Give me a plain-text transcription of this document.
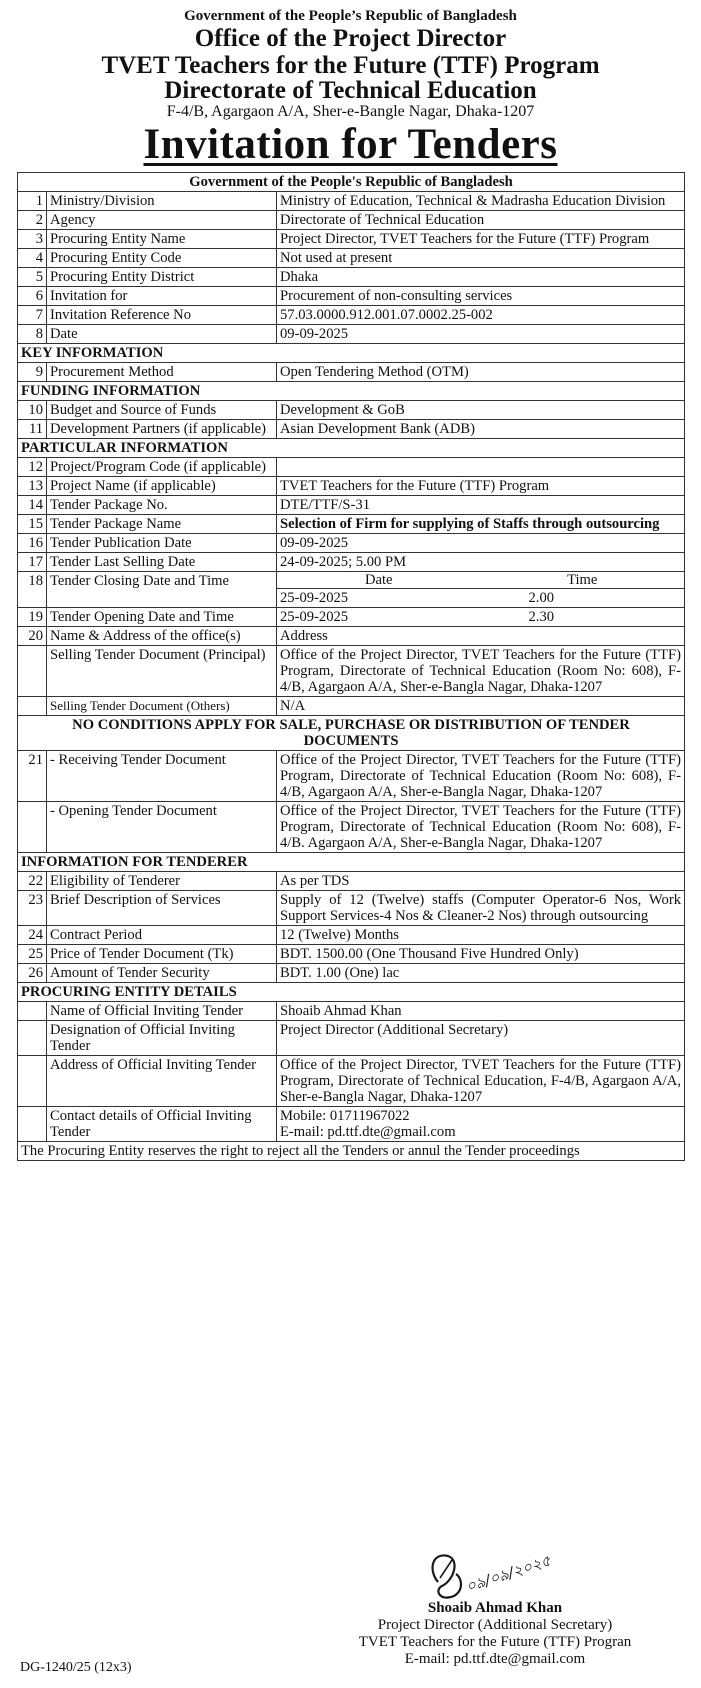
Government of the People’s Republic of Bangladesh
Office of the Project Director
TVET Teachers for the Future (TTF) Program
Directorate of Technical Education
F-4/B, Agargaon A/A, Sher-e-Bangle Nagar, Dhaka-1207
Invitation for Tenders
Government of the People's Republic of Bangladesh
1	Ministry/Division	Ministry of Education, Technical & Madrasha Education Division
2	Agency	Directorate of Technical Education
3	Procuring Entity Name	Project Director, TVET Teachers for the Future (TTF) Program
4	Procuring Entity Code	Not used at present
5	Procuring Entity District	Dhaka
6	Invitation for	Procurement of non-consulting services
7	Invitation Reference No	57.03.0000.912.001.07.0002.25-002
8	Date	09-09-2025
KEY INFORMATION
9	Procurement Method	Open Tendering Method (OTM)
FUNDING INFORMATION
10	Budget and Source of Funds	Development & GoB
11	Development Partners (if applicable)	Asian Development Bank (ADB)
PARTICULAR INFORMATION
12	Project/Program Code (if applicable)	
13	Project Name (if applicable)	TVET Teachers for the Future (TTF) Program
14	Tender Package No.	DTE/TTF/S-31
15	Tender Package Name	Selection of Firm for supplying of Staffs through outsourcing
16	Tender Publication Date	09-09-2025
17	Tender Last Selling Date	24-09-2025; 5.00 PM
18	Tender Closing Date and Time		Date	Time
25-09-2025	2.00

19	Tender Opening Date and Time		25-09-2025	2.30

20	Name & Address of the office(s)	Address
	Selling Tender Document (Principal)	Office of the Project Director, TVET Teachers for the Future (TTF) Program, Directorate of Technical Education (Room No: 608), F-4/B, Agargaon A/A, Sher-e-Bangla Nagar, Dhaka-1207
	Selling Tender Document (Others)	N/A
NO CONDITIONS APPLY FOR SALE, PURCHASE OR DISTRIBUTION OF TENDER DOCUMENTS
21	- Receiving Tender Document	Office of the Project Director, TVET Teachers for the Future (TTF) Program, Directorate of Technical Education (Room No: 608), F-4/B, Agargaon A/A, Sher-e-Bangla Nagar, Dhaka-1207
	- Opening Tender Document	Office of the Project Director, TVET Teachers for the Future (TTF) Program, Directorate of Technical Education (Room No: 608), F-4/B. Agargaon A/A, Sher-e-Bangla Nagar, Dhaka-1207
INFORMATION FOR TENDERER
22	Eligibility of Tenderer	As per TDS
23	Brief Description of Services	Supply of 12 (Twelve) staffs (Computer Operator-6 Nos, Work Support Services-4 Nos & Cleaner-2 Nos) through outsourcing
24	Contract Period	12 (Twelve) Months
25	Price of Tender Document (Tk)	BDT. 1500.00 (One Thousand Five Hundred Only)
26	Amount of Tender Security	BDT. 1.00 (One) lac
PROCURING ENTITY DETAILS
	Name of Official Inviting Tender	Shoaib Ahmad Khan
	Designation of Official Inviting Tender	Project Director (Additional Secretary)
	Address of Official Inviting Tender	Office of the Project Director, TVET Teachers for the Future (TTF) Program, Directorate of Technical Education, F-4/B, Agargaon A/A, Sher-e-Bangla Nagar, Dhaka-1207
	Contact details of Official Inviting Tender	
Mobile: 01711967022
E-mail: pd.ttf.dte@gmail.com

The Procuring Entity reserves the right to reject all the Tenders or annul the Tender proceedings
০৯/০৯/২০২৫
Shoaib Ahmad Khan
Project Director (Additional Secretary)
TVET Teachers for the Future (TTF) Progran
E-mail: pd.ttf.dte@gmail.com
DG-1240/25 (12x3)
